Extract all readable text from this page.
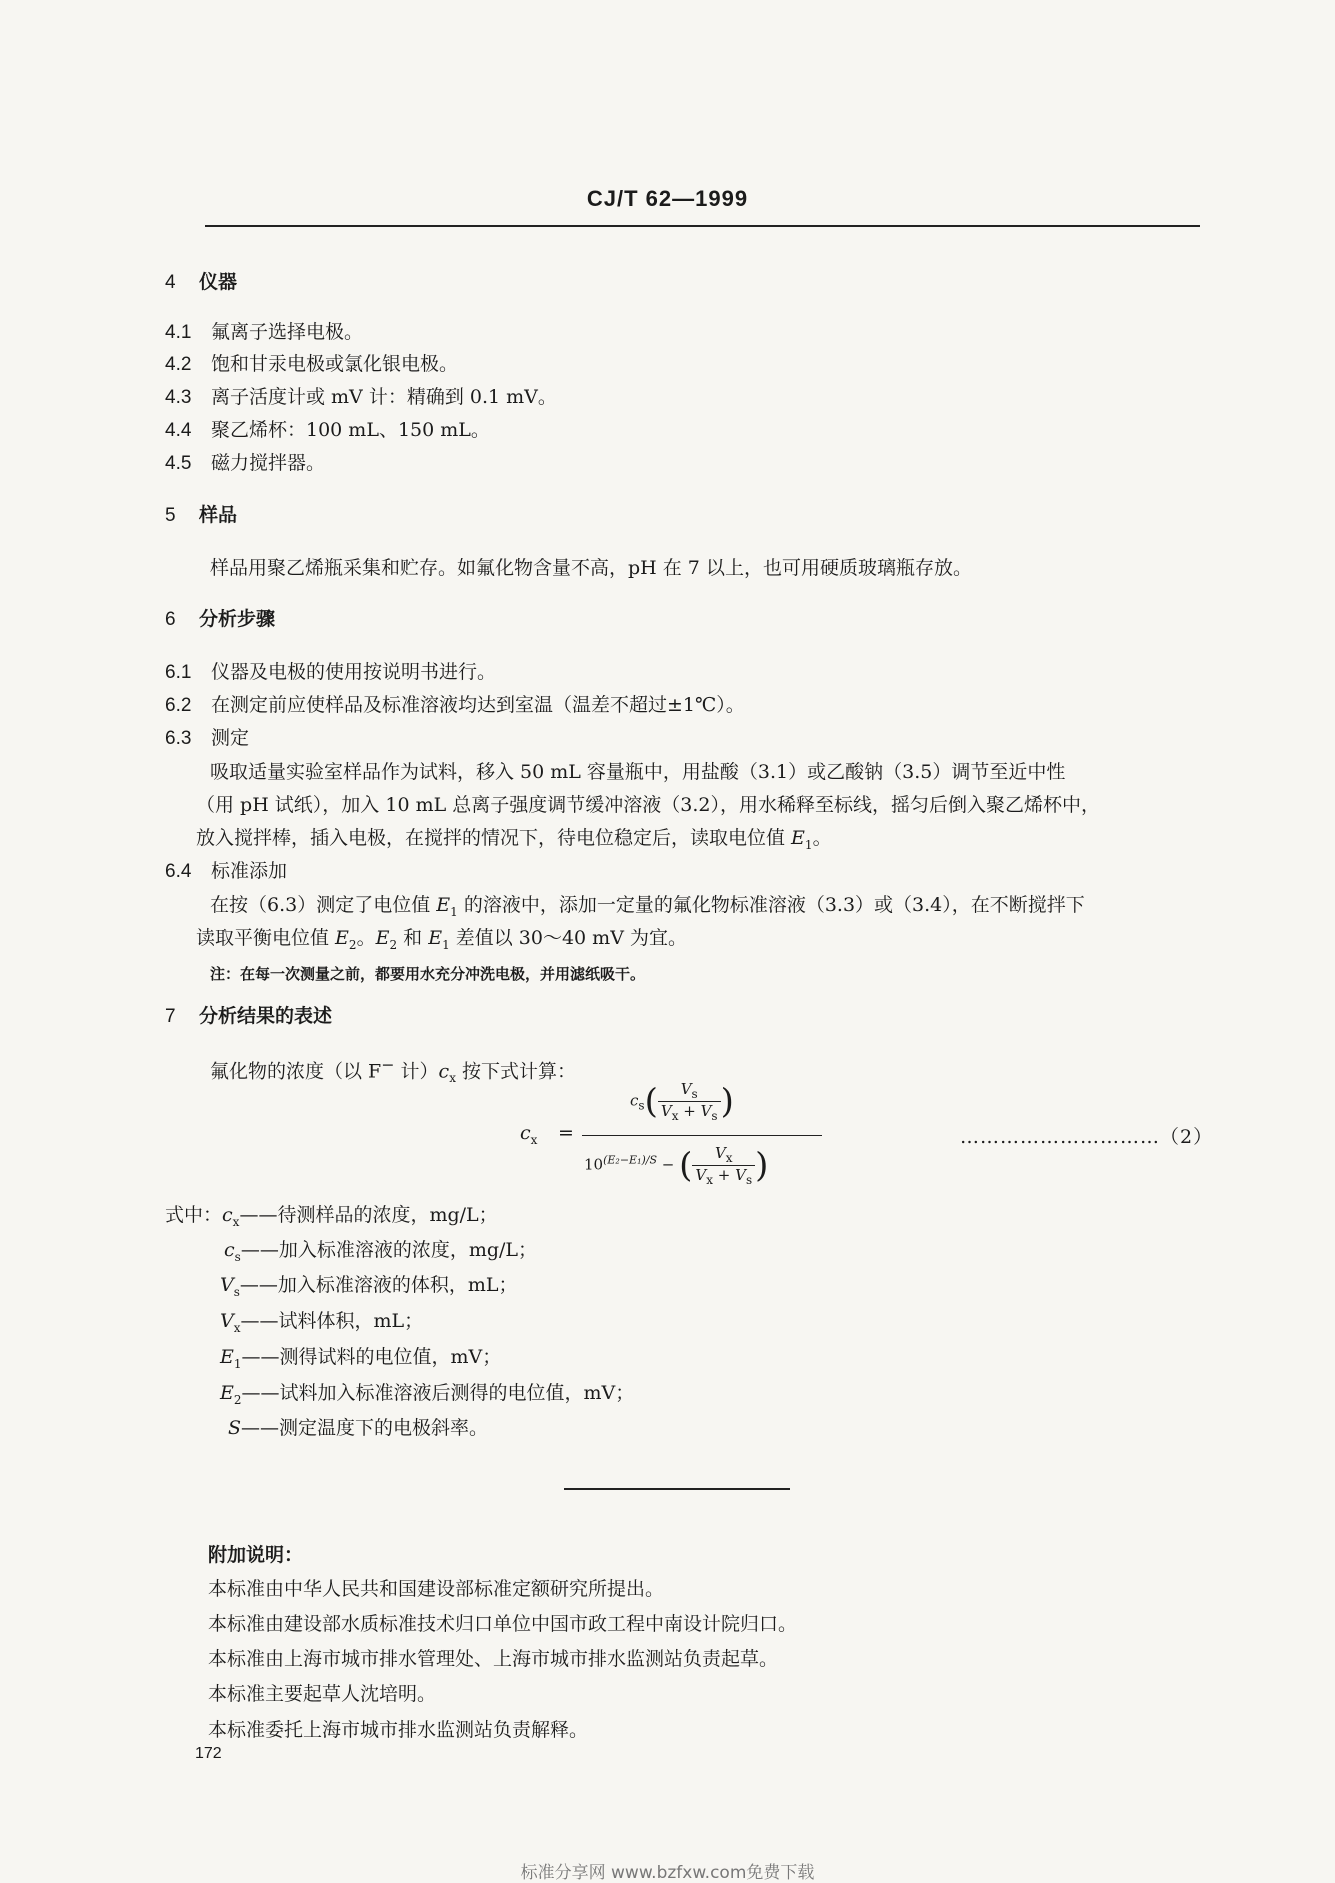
CJ/T 62—1999
4 仪器
4.1 氟离子选择电极。
4.2 饱和甘汞电极或氯化银电极。
4.3 离子活度计或 mV 计：精确到 0.1 mV。
4.4 聚乙烯杯：100 mL、150 mL。
4.5 磁力搅拌器。
5 样品
样品用聚乙烯瓶采集和贮存。如氟化物含量不高，pH 在 7 以上，也可用硬质玻璃瓶存放。
6 分析步骤
6.1 仪器及电极的使用按说明书进行。
6.2 在测定前应使样品及标准溶液均达到室温（温差不超过±1℃）。
6.3 测定
吸取适量实验室样品作为试料，移入 50 mL 容量瓶中，用盐酸（3.1）或乙酸钠（3.5）调节至近中性
（用 pH 试纸），加入 10 mL 总离子强度调节缓冲溶液（3.2），用水稀释至标线，摇匀后倒入聚乙烯杯中，
放入搅拌棒，插入电极，在搅拌的情况下，待电位稳定后，读取电位值 $E_1$。
6.4 标准添加
在按（6.3）测定了电位值 $E_1$ 的溶液中，添加一定量的氟化物标准溶液（3.3）或（3.4），在不断搅拌下
读取平衡电位值 $E_2$。$E_2$ 和 $E_1$ 差值以 30～40 mV 为宜。
注：在每一次测量之前，都要用水充分冲洗电极，并用滤纸吸干。
7 分析结果的表述
氟化物的浓度（以 F− 计）$c_x$ 按下式计算：
$c_x$ =
$c_s( \frac{V_s}{V_x + V_s}$ )
$10^{(E_2-E_1)/S}$ − ( $\frac{V_x}{V_x + V_s}$ )
…………………………（2）
式中：$c_x——$待测样品的浓度，mg/L；
$c_s——$加入标准溶液的浓度，mg/L；
$V_s——$加入标准溶液的体积，mL；
$V_x——$试料体积，mL；
$E_1——$测得试料的电位值，mV；
$E_2——$试料加入标准溶液后测得的电位值，mV；
S——测定温度下的电极斜率。
附加说明：
本标准由中华人民共和国建设部标准定额研究所提出。
本标准由建设部水质标准技术归口单位中国市政工程中南设计院归口。
本标准由上海市城市排水管理处、上海市城市排水监测站负责起草。
本标准主要起草人沈培明。
本标准委托上海市城市排水监测站负责解释。
172
标准分享网 www.bzfxw.com免费下载
